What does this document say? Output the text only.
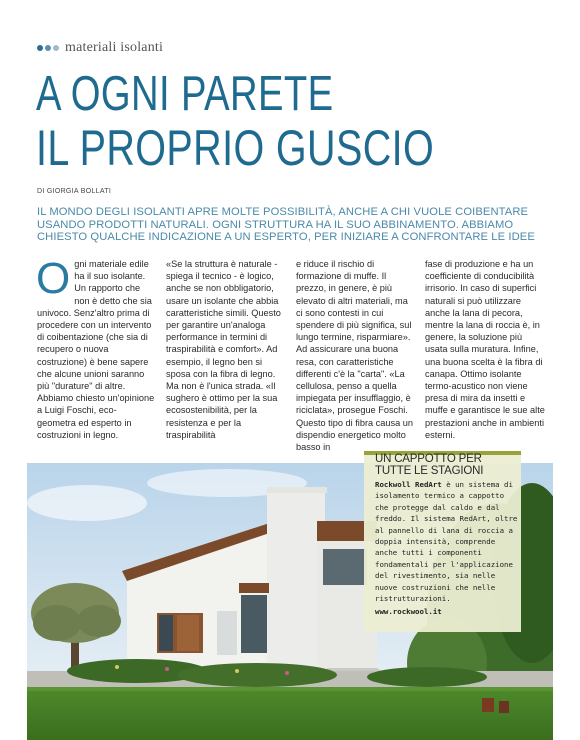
materiali isolanti
A OGNI PARETE
IL PROPRIO GUSCIO
DI GIORGIA BOLLATI
IL MONDO DEGLI ISOLANTI APRE MOLTE POSSIBILITÀ, ANCHE A CHI VUOLE COIBENTARE USANDO PRODOTTI NATURALI. OGNI STRUTTURA HA IL SUO ABBINAMENTO. ABBIAMO CHIESTO QUALCHE INDICAZIONE A UN ESPERTO, PER INIZIARE A CONFRONTARE LE IDEE
O gni materiale edile ha il suo isolante. Un rapporto che non è detto che sia univoco. Senz'altro prima di procedere con un intervento di coibentazione (che sia di recupero o nuova costruzione) è bene sapere che alcune unioni saranno più "durature" di altre. Abbiamo chiesto un'opinione a Luigi Foschi, eco-geometra ed esperto in costruzioni in legno.

«Se la struttura è naturale - spiega il tecnico - è logico, anche se non obbligatorio, usare un isolante che abbia caratteristiche simili. Questo per garantire un'analoga performance in termini di traspirabilità e comfort». Ad esempio, il legno ben si sposa con la fibra di legno. Ma non è l'unica strada. «Il sughero è ottimo per la sua ecosostenibilità, per la resistenza e per la traspirabilità

e riduce il rischio di formazione di muffe. Il prezzo, in genere, è più elevato di altri materiali, ma ci sono contesti in cui spendere di più significa, sul lungo termine, risparmiare». Ad assicurare una buona resa, con caratteristiche differenti c'è la "carta". «La cellulosa, penso a quella impiegata per insufflaggio, è riciclata», prosegue Foschi. Questo tipo di fibra causa un dispendio energetico molto basso in

fase di produzione e ha un coefficiente di conducibilità irrisorio. In caso di superfici naturali si può utilizzare anche la lana di pecora, mentre la lana di roccia è, in genere, la soluzione più usata sulla muratura. Infine, una buona scelta è la fibra di canapa. Ottimo isolante termo-acustico non viene presa di mira da insetti e muffe e garantisce le sue alte prestazioni anche in ambienti esterni.

UN CAPPOTTO PER TUTTE LE STAGIONI
Rockwoll RedArt è un sistema di isolamento termico a cappotto che protegge dal caldo e dal freddo. Il sistema RedArt, oltre al pannello di lana di roccia a doppia intensità, comprende anche tutti i componenti fondamentali per l'applicazione del rivestimento, sia nelle nuove costruzioni che nelle ristrutturazioni.
www.rockwool.it
